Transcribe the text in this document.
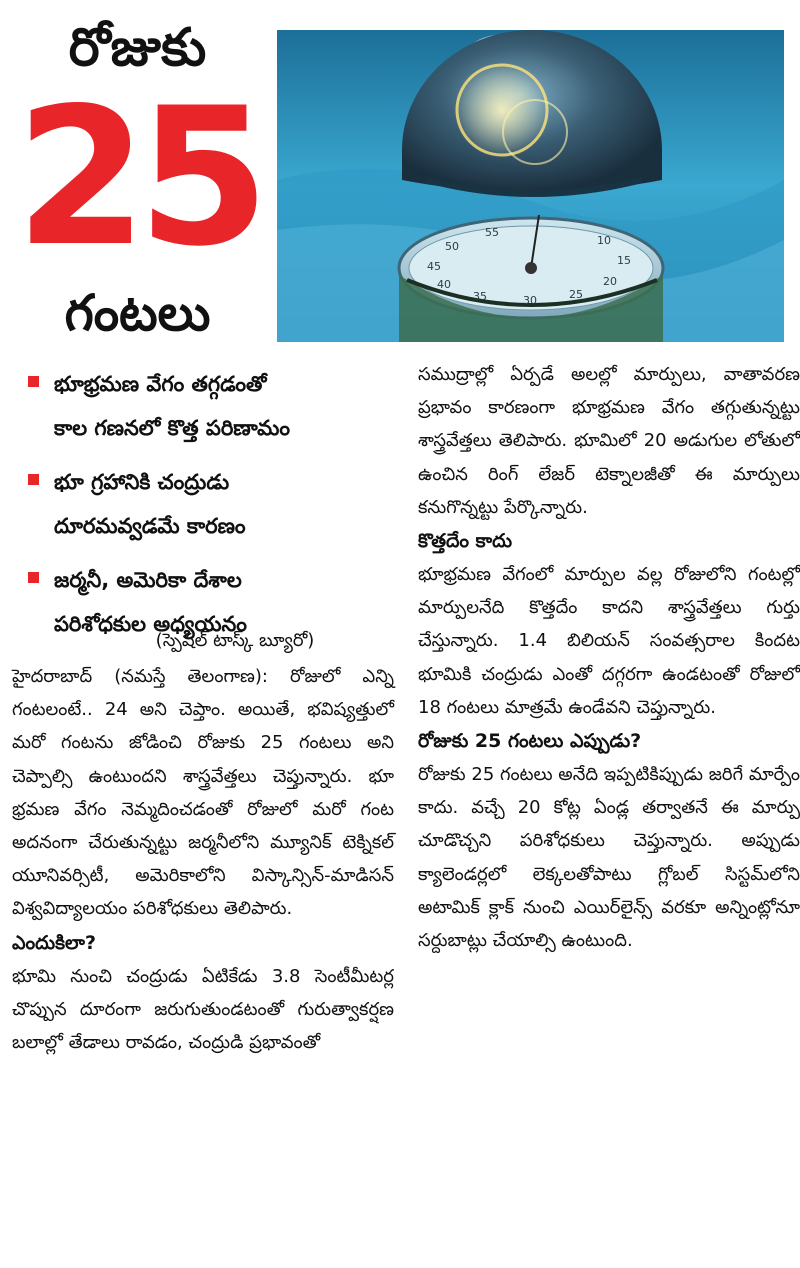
రోజుకు
25
గంటలు
55
50
45
40
35	30	25
20
15
10
భూభ్రమణ వేగం తగ్గడంతో
కాల గణనలో కొత్త పరిణామం
భూ గ్రహానికి చంద్రుడు
దూరమవ్వడమే కారణం
జర్మనీ, అమెరికా దేశాల
పరిశోధకుల అధ్యయనం
(స్పెషల్ టాస్క్ బ్యూరో)

హైదరాబాద్ (నమస్తే తెలంగాణ): రోజులో ఎన్ని గంటలంటే.. 24 అని చెప్తాం. అయితే, భవిష్యత్తులో మరో గంటను జోడించి రోజుకు 25 గంటలు అని చెప్పాల్సి ఉంటుందని శాస్త్రవేత్తలు చెప్తున్నారు. భూ భ్రమణ వేగం నెమ్మదించడంతో రోజులో మరో గంట అదనంగా చేరుతున్నట్టు జర్మనీలోని మ్యూనిక్ టెక్నికల్ యూనివర్సిటీ, అమెరికాలోని విస్కాన్సిన్-మాడిసన్ విశ్వవిద్యాలయం పరిశోధకులు తెలిపారు.

ఎందుకిలా?

భూమి నుంచి చంద్రుడు ఏటికేడు 3.8 సెంటీమీటర్ల చొప్పున దూరంగా జరుగుతుండటంతో గురుత్వాకర్షణ బలాల్లో తేడాలు రావడం, చంద్రుడి ప్రభావంతో

సముద్రాల్లో ఏర్పడే అలల్లో మార్పులు, వాతావరణ ప్రభావం కారణంగా భూభ్రమణ వేగం తగ్గుతున్నట్టు శాస్త్రవేత్తలు తెలిపారు. భూమిలో 20 అడుగుల లోతులో ఉంచిన రింగ్ లేజర్ టెక్నాలజీతో ఈ మార్పులు కనుగొన్నట్టు పేర్కొన్నారు.

కొత్తదేం కాదు

భూభ్రమణ వేగంలో మార్పుల వల్ల రోజులోని గంటల్లో మార్పులనేది కొత్తదేం కాదని శాస్త్రవేత్తలు గుర్తు చేస్తున్నారు. 1.4 బిలియన్ సంవత్సరాల కిందట భూమికి చంద్రుడు ఎంతో దగ్గరగా ఉండటంతో రోజులో 18 గంటలు మాత్రమే ఉండేవని చెప్తున్నారు.

రోజుకు 25 గంటలు ఎప్పుడు?

రోజుకు 25 గంటలు అనేది ఇప్పటికిప్పుడు జరిగే మార్పేం కాదు. వచ్చే 20 కోట్ల ఏండ్ల తర్వాతనే ఈ మార్పు చూడొచ్చని పరిశోధకులు చెప్తున్నారు. అప్పుడు క్యాలెండర్లలో లెక్కలతోపాటు గ్లోబల్ సిస్టమ్‌లోని అటామిక్ క్లాక్ నుంచి ఎయిర్‌లైన్స్ వరకూ అన్నింట్లోనూ సర్దుబాట్లు చేయాల్సి ఉంటుంది.
